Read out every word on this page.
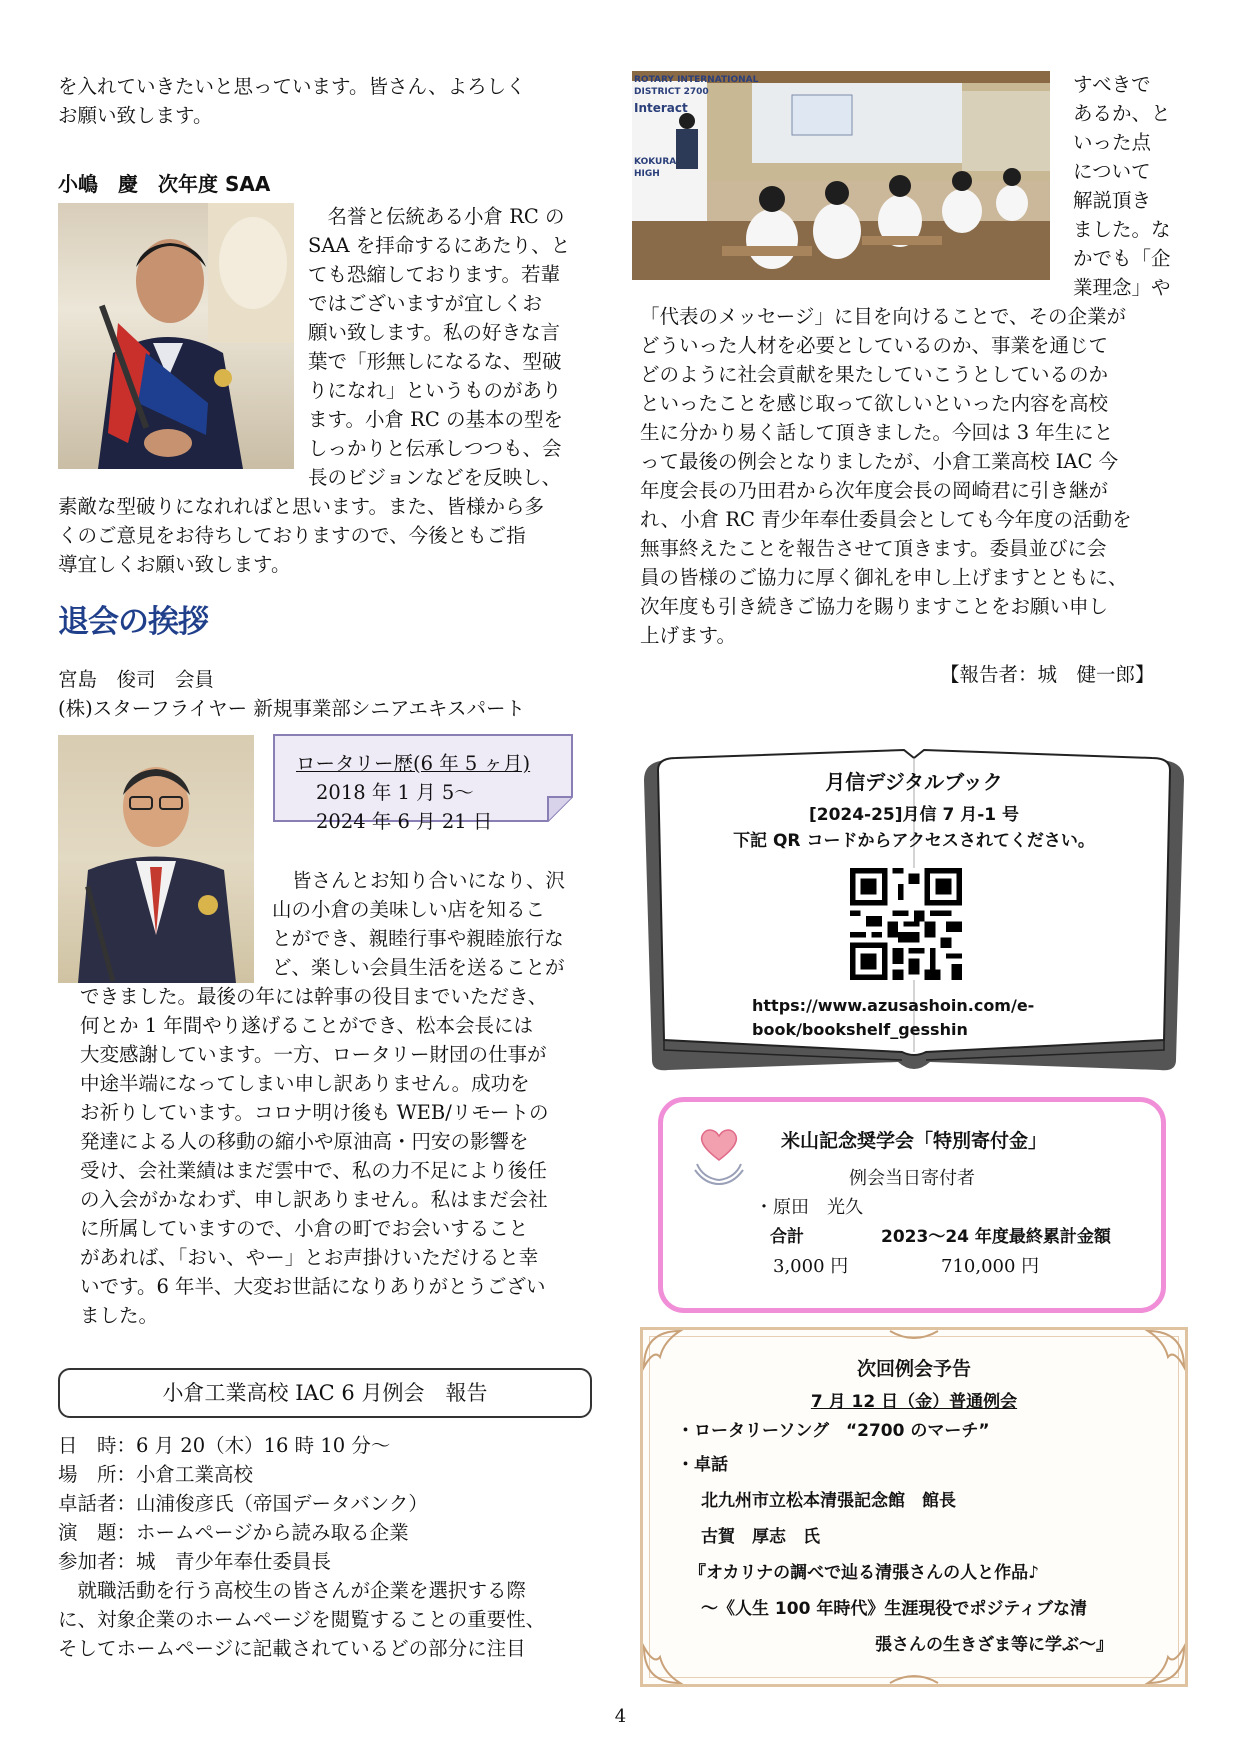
を入れていきたいと思っています。皆さん、よろしく
お願い致します。
小嶋　慶　次年度 SAA
　名誉と伝統ある小倉 RC の
SAA を拝命するにあたり、と
ても恐縮しております。若輩
ではございますが宜しくお
願い致します。私の好きな言
葉で「形無しになるな、型破
りになれ」というものがあり
ます。小倉 RC の基本の型を
しっかりと伝承しつつも、会
長のビジョンなどを反映し、
素敵な型破りになれればと思います。また、皆様から多
くのご意見をお待ちしておりますので、今後ともご指
導宜しくお願い致します。
退会の挨拶
宮島　俊司　会員
(株)スターフライヤー 新規事業部シニアエキスパート
ロータリー歴(6 年 5 ヶ月)
2018 年 1 月 5〜
2024 年 6 月 21 日
皆さんとお知り合いになり、沢
山の小倉の美味しい店を知るこ
とができ、親睦行事や親睦旅行な
ど、楽しい会員生活を送ることが
できました。最後の年には幹事の役目までいただき、
何とか 1 年間やり遂げることができ、松本会長には
大変感謝しています。一方、ロータリー財団の仕事が
中途半端になってしまい申し訳ありません。成功を
お祈りしています。コロナ明け後も WEB/リモートの
発達による人の移動の縮小や原油高・円安の影響を
受け、会社業績はまだ雲中で、私の力不足により後任
の入会がかなわず、申し訳ありません。私はまだ会社
に所属していますので、小倉の町でお会いすること
があれば、「おい、やー」とお声掛けいただけると幸
いです。6 年半、大変お世話になりありがとうござい
ました。
小倉工業高校 IAC 6 月例会　報告
日　時：6 月 20（木）16 時 10 分〜
場　所：小倉工業高校
卓話者：山浦俊彦氏（帝国データバンク）
演　題：ホームページから読み取る企業
参加者：城　青少年奉仕委員長
　就職活動を行う高校生の皆さんが企業を選択する際
に、対象企業のホームページを閲覧することの重要性、
そしてホームページに記載されているどの部分に注目
ROTARY INTERNATIONAL
DISTRICT 2700
Interact
KOKURA
HIGH
すべきで
あるか、と
いった点
について
解説頂き
ました。な
かでも「企
業理念」や
「代表のメッセージ」に目を向けることで、その企業が
どういった人材を必要としているのか、事業を通じて
どのように社会貢献を果たしていこうとしているのか
といったことを感じ取って欲しいといった内容を高校
生に分かり易く話して頂きました。今回は 3 年生にと
って最後の例会となりましたが、小倉工業高校 IAC 今
年度会長の乃田君から次年度会長の岡崎君に引き継が
れ、小倉 RC 青少年奉仕委員会としても今年度の活動を
無事終えたことを報告させて頂きます。委員並びに会
員の皆様のご協力に厚く御礼を申し上げますとともに、
次年度も引き続きご協力を賜りますことをお願い申し
上げます。
【報告者：城　健一郎】
月信デジタルブック
[2024-25]月信 7 月-1 号
下記 QR コードからアクセスされてください。
https://www.azusashoin.com/e-
book/bookshelf_gesshin
米山記念奨学会「特別寄付金」
例会当日寄付者
・原田　光久
合計	2023〜24 年度最終累計金額
3,000 円	710,000 円
次回例会予告
7 月 12 日（金）普通例会
・ロータリーソング　“2700 のマーチ”
・卓話
北九州市立松本清張記念館　館長
古賀　厚志　氏
『オカリナの調べで辿る清張さんの人と作品♪
〜《人生 100 年時代》生涯現役でポジティブな清
張さんの生きざま等に学ぶ〜』
4
